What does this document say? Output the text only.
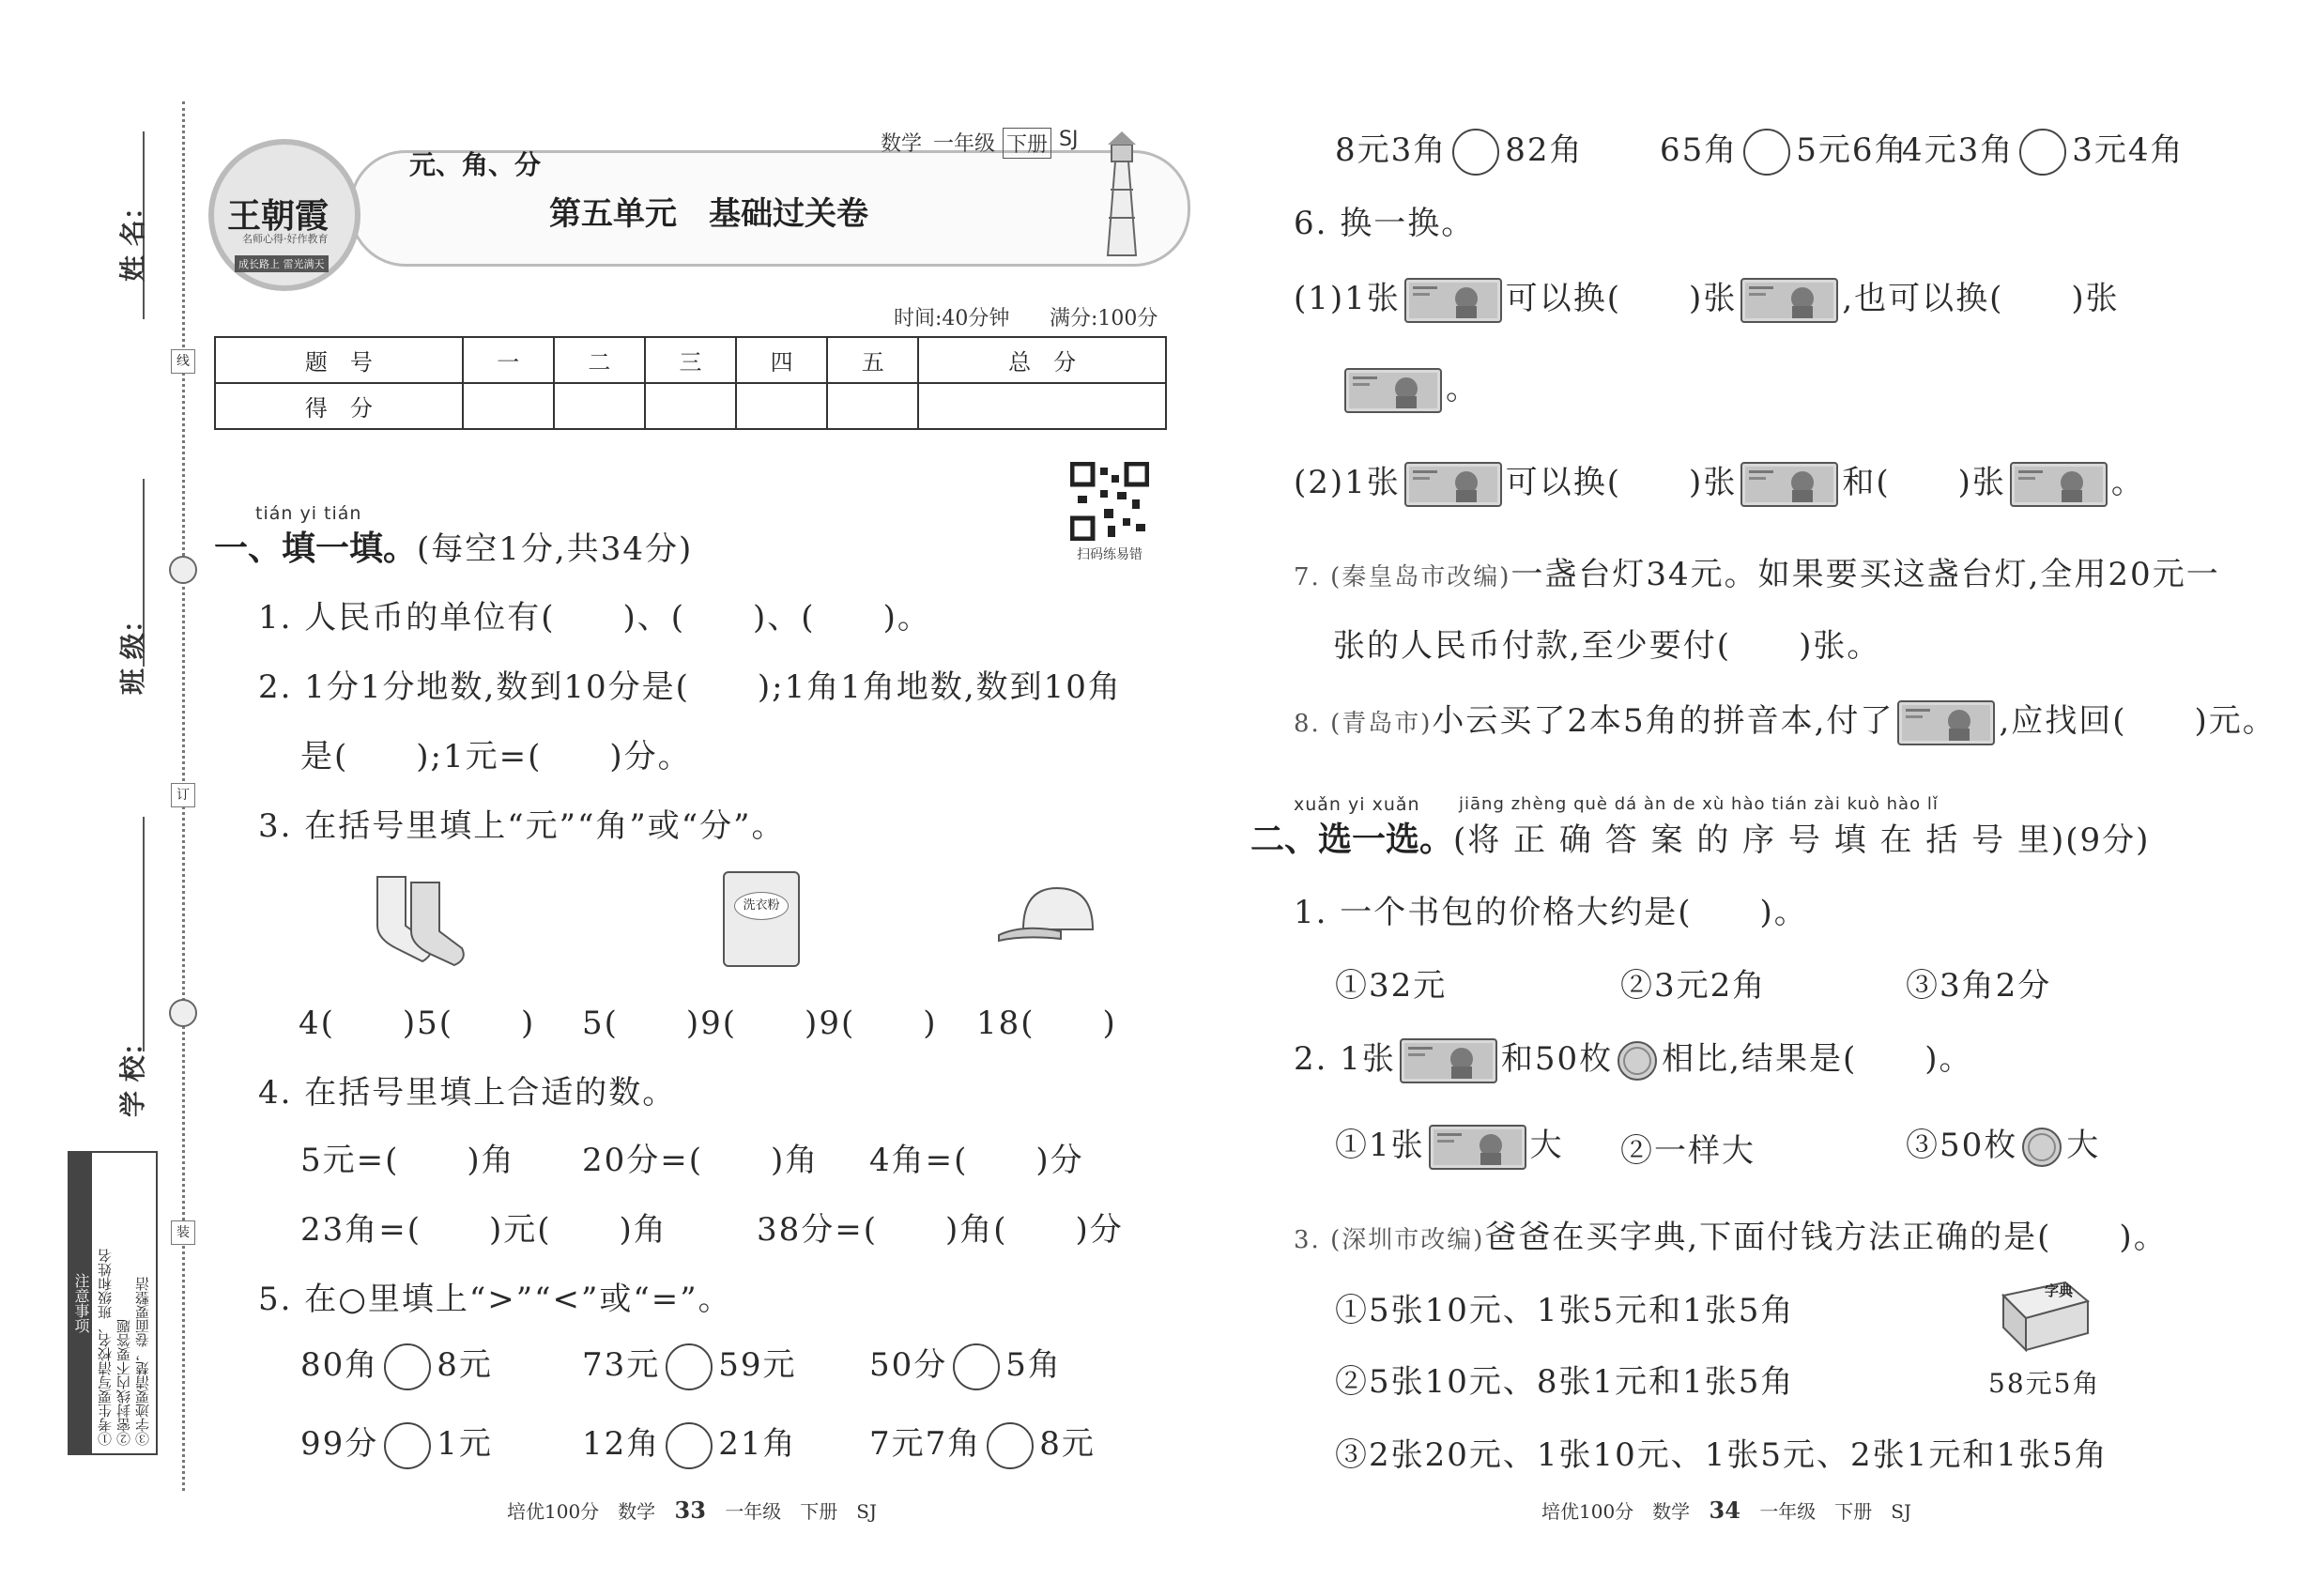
线
订
装
姓 名：
班 级：
学 校：
注意事项 ①考生要写清校名、班级和姓名 ②密封线内不要答题 ③字迹要清楚，卷面要整洁
王朝霞
名师心得·好作教育
成长路上 雷光满天
元、角、分
数学 一年级 下册 SJ
第五单元　基础过关卷
时间:40分钟 满分:100分
题　号	一	二	三	四	五	总　分
得　分						
扫码练易错
tián yi tián
一、填一填。(每空1分,共34分)
1. 人民币的单位有(　　)、(　　)、(　　)。
2. 1分1分地数,数到10分是(　　);1角1角地数,数到10角
是(　　);1元=(　　)分。
3. 在括号里填上“元”“角”或“分”。
洗衣粉
4(　　)5(　　) 5(　　)9(　　)9(　　) 18(　　)
4. 在括号里填上合适的数。
5元=(　　)角 20分=(　　)角 4角=(　　)分
23角=(　　)元(　　)角	38分=(　　)角(　　)分
5. 在○里填上“>”“<”或“=”。
80角 8元	73元 59元 50分 5角
99分 1元	12角 21角 7元7角 8元
培优100分　数学 33 一年级　下册　SJ
8元3角 82角 65角 5元6角
4元3角 3元4角
6. 换一换。
(1)1张	可以换(　　)张	,也可以换(　　)张
。
(2)1张	可以换(　　)张	和(　　)张	。
7. (秦皇岛市改编)一盏台灯34元。如果要买这盏台灯,全用20元一
张的人民币付款,至少要付(　　)张。
8. (青岛市)小云买了2本5角的拼音本,付了	,应找回(　　)元。
xuǎn yi xuǎn jiāng zhèng què dá àn de xù hào tián zài kuò hào lǐ
二、选一选。(将 正 确 答 案 的 序 号 填 在 括 号 里)(9分)
1. 一个书包的价格大约是(　　)。
①32元	②3元2角	③3角2分
2. 1张	和50枚 相比,结果是(　　)。
①1张	大 ②一样大	③50枚 大
3. (深圳市改编)爸爸在买字典,下面付钱方法正确的是(　　)。
①5张10元、1张5元和1张5角
②5张10元、8张1元和1张5角
③2张20元、1张10元、1张5元、2张1元和1张5角
字典
58元5角
培优100分　数学 34 一年级　下册　SJ
